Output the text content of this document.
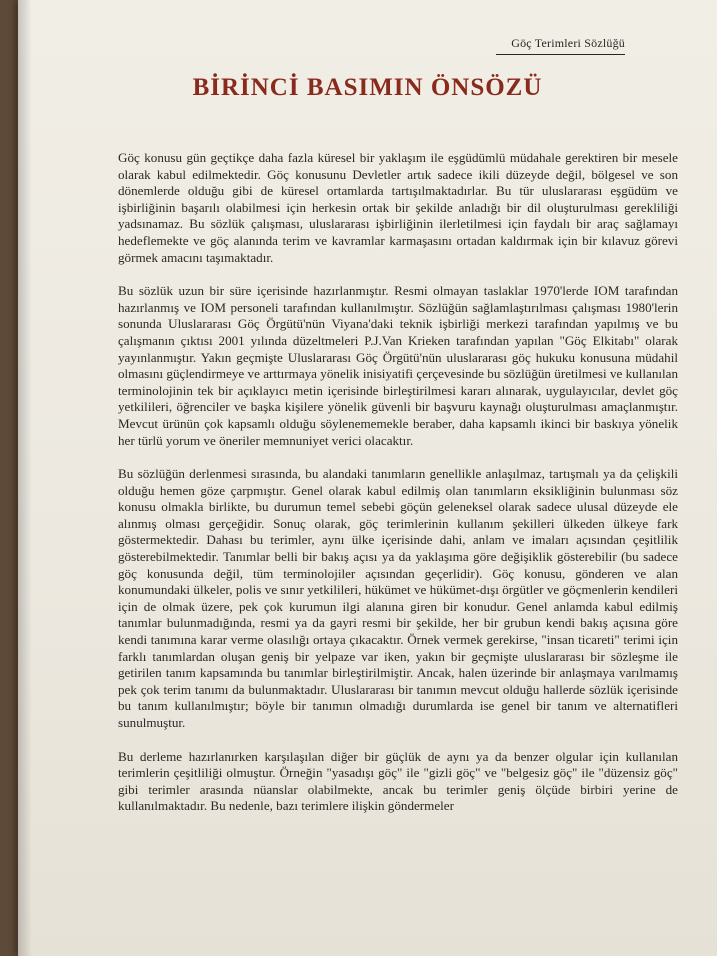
Göç Terimleri Sözlüğü
BİRİNCİ BASIMIN ÖNSÖZÜ

Göç konusu gün geçtikçe daha fazla küresel bir yaklaşım ile eşgüdümlü müdahale gerektiren bir mesele olarak kabul edilmektedir. Göç konusunu Devletler artık sadece ikili düzeyde değil, bölgesel ve son dönemlerde olduğu gibi de küresel ortamlarda tartışılmaktadırlar. Bu tür uluslararası eşgüdüm ve işbirliğinin başarılı olabilmesi için herkesin ortak bir şekilde anladığı bir dil oluşturulması gerekliliği yadsınamaz. Bu sözlük çalışması, uluslararası işbirliğinin ilerletilmesi için faydalı bir araç sağlamayı hedeflemekte ve göç alanında terim ve kavramlar karmaşasını ortadan kaldırmak için bir kılavuz görevi görmek amacını taşımaktadır.

Bu sözlük uzun bir süre içerisinde hazırlanmıştır. Resmi olmayan taslaklar 1970'lerde IOM tarafından hazırlanmış ve IOM personeli tarafından kullanılmıştır. Sözlüğün sağlamlaştırılması çalışması 1980'lerin sonunda Uluslararası Göç Örgütü'nün Viyana'daki teknik işbirliği merkezi tarafından yapılmış ve bu çalışmanın çıktısı 2001 yılında düzeltmeleri P.J.Van Krieken tarafından yapılan "Göç Elkitabı" olarak yayınlanmıştır. Yakın geçmişte Uluslararası Göç Örgütü'nün uluslararası göç hukuku konusuna müdahil olmasını güçlendirmeye ve arttırmaya yönelik inisiyatifi çerçevesinde bu sözlüğün üretilmesi ve kullanılan terminolojinin tek bir açıklayıcı metin içerisinde birleştirilmesi kararı alınarak, uygulayıcılar, devlet göç yetkilileri, öğrenciler ve başka kişilere yönelik güvenli bir başvuru kaynağı oluşturulması amaçlanmıştır. Mevcut ürünün çok kapsamlı olduğu söylenememekle beraber, daha kapsamlı ikinci bir baskıya yönelik her türlü yorum ve öneriler memnuniyet verici olacaktır.

Bu sözlüğün derlenmesi sırasında, bu alandaki tanımların genellikle anlaşılmaz, tartışmalı ya da çelişkili olduğu hemen göze çarpmıştır. Genel olarak kabul edilmiş olan tanımların eksikliğinin bulunması söz konusu olmakla birlikte, bu durumun temel sebebi göçün geleneksel olarak sadece ulusal düzeyde ele alınmış olması gerçeğidir. Sonuç olarak, göç terimlerinin kullanım şekilleri ülkeden ülkeye fark göstermektedir. Dahası bu terimler, aynı ülke içerisinde dahi, anlam ve imaları açısından çeşitlilik gösterebilmektedir. Tanımlar belli bir bakış açısı ya da yaklaşıma göre değişiklik gösterebilir (bu sadece göç konusunda değil, tüm terminolojiler açısından geçerlidir). Göç konusu, gönderen ve alan konumundaki ülkeler, polis ve sınır yetkilileri, hükümet ve hükümet-dışı örgütler ve göçmenlerin kendileri için de olmak üzere, pek çok kurumun ilgi alanına giren bir konudur. Genel anlamda kabul edilmiş tanımlar bulunmadığında, resmi ya da gayri resmi bir şekilde, her bir grubun kendi bakış açısına göre kendi tanımına karar verme olasılığı ortaya çıkacaktır. Örnek vermek gerekirse, "insan ticareti" terimi için farklı tanımlardan oluşan geniş bir yelpaze var iken, yakın bir geçmişte uluslararası bir sözleşme ile getirilen tanım kapsamında bu tanımlar birleştirilmiştir. Ancak, halen üzerinde bir anlaşmaya varılmamış pek çok terim tanımı da bulunmaktadır. Uluslararası bir tanımın mevcut olduğu hallerde sözlük içerisinde bu tanım kullanılmıştır; böyle bir tanımın olmadığı durumlarda ise genel bir tanım ve alternatifleri sunulmuştur.

Bu derleme hazırlanırken karşılaşılan diğer bir güçlük de aynı ya da benzer olgular için kullanılan terimlerin çeşitliliği olmuştur. Örneğin "yasadışı göç" ile "gizli göç" ve "belgesiz göç" ile "düzensiz göç" gibi terimler arasında nüanslar olabilmekte, ancak bu terimler geniş ölçüde birbiri yerine de kullanılmaktadır. Bu nedenle, bazı terimlere ilişkin göndermeler
